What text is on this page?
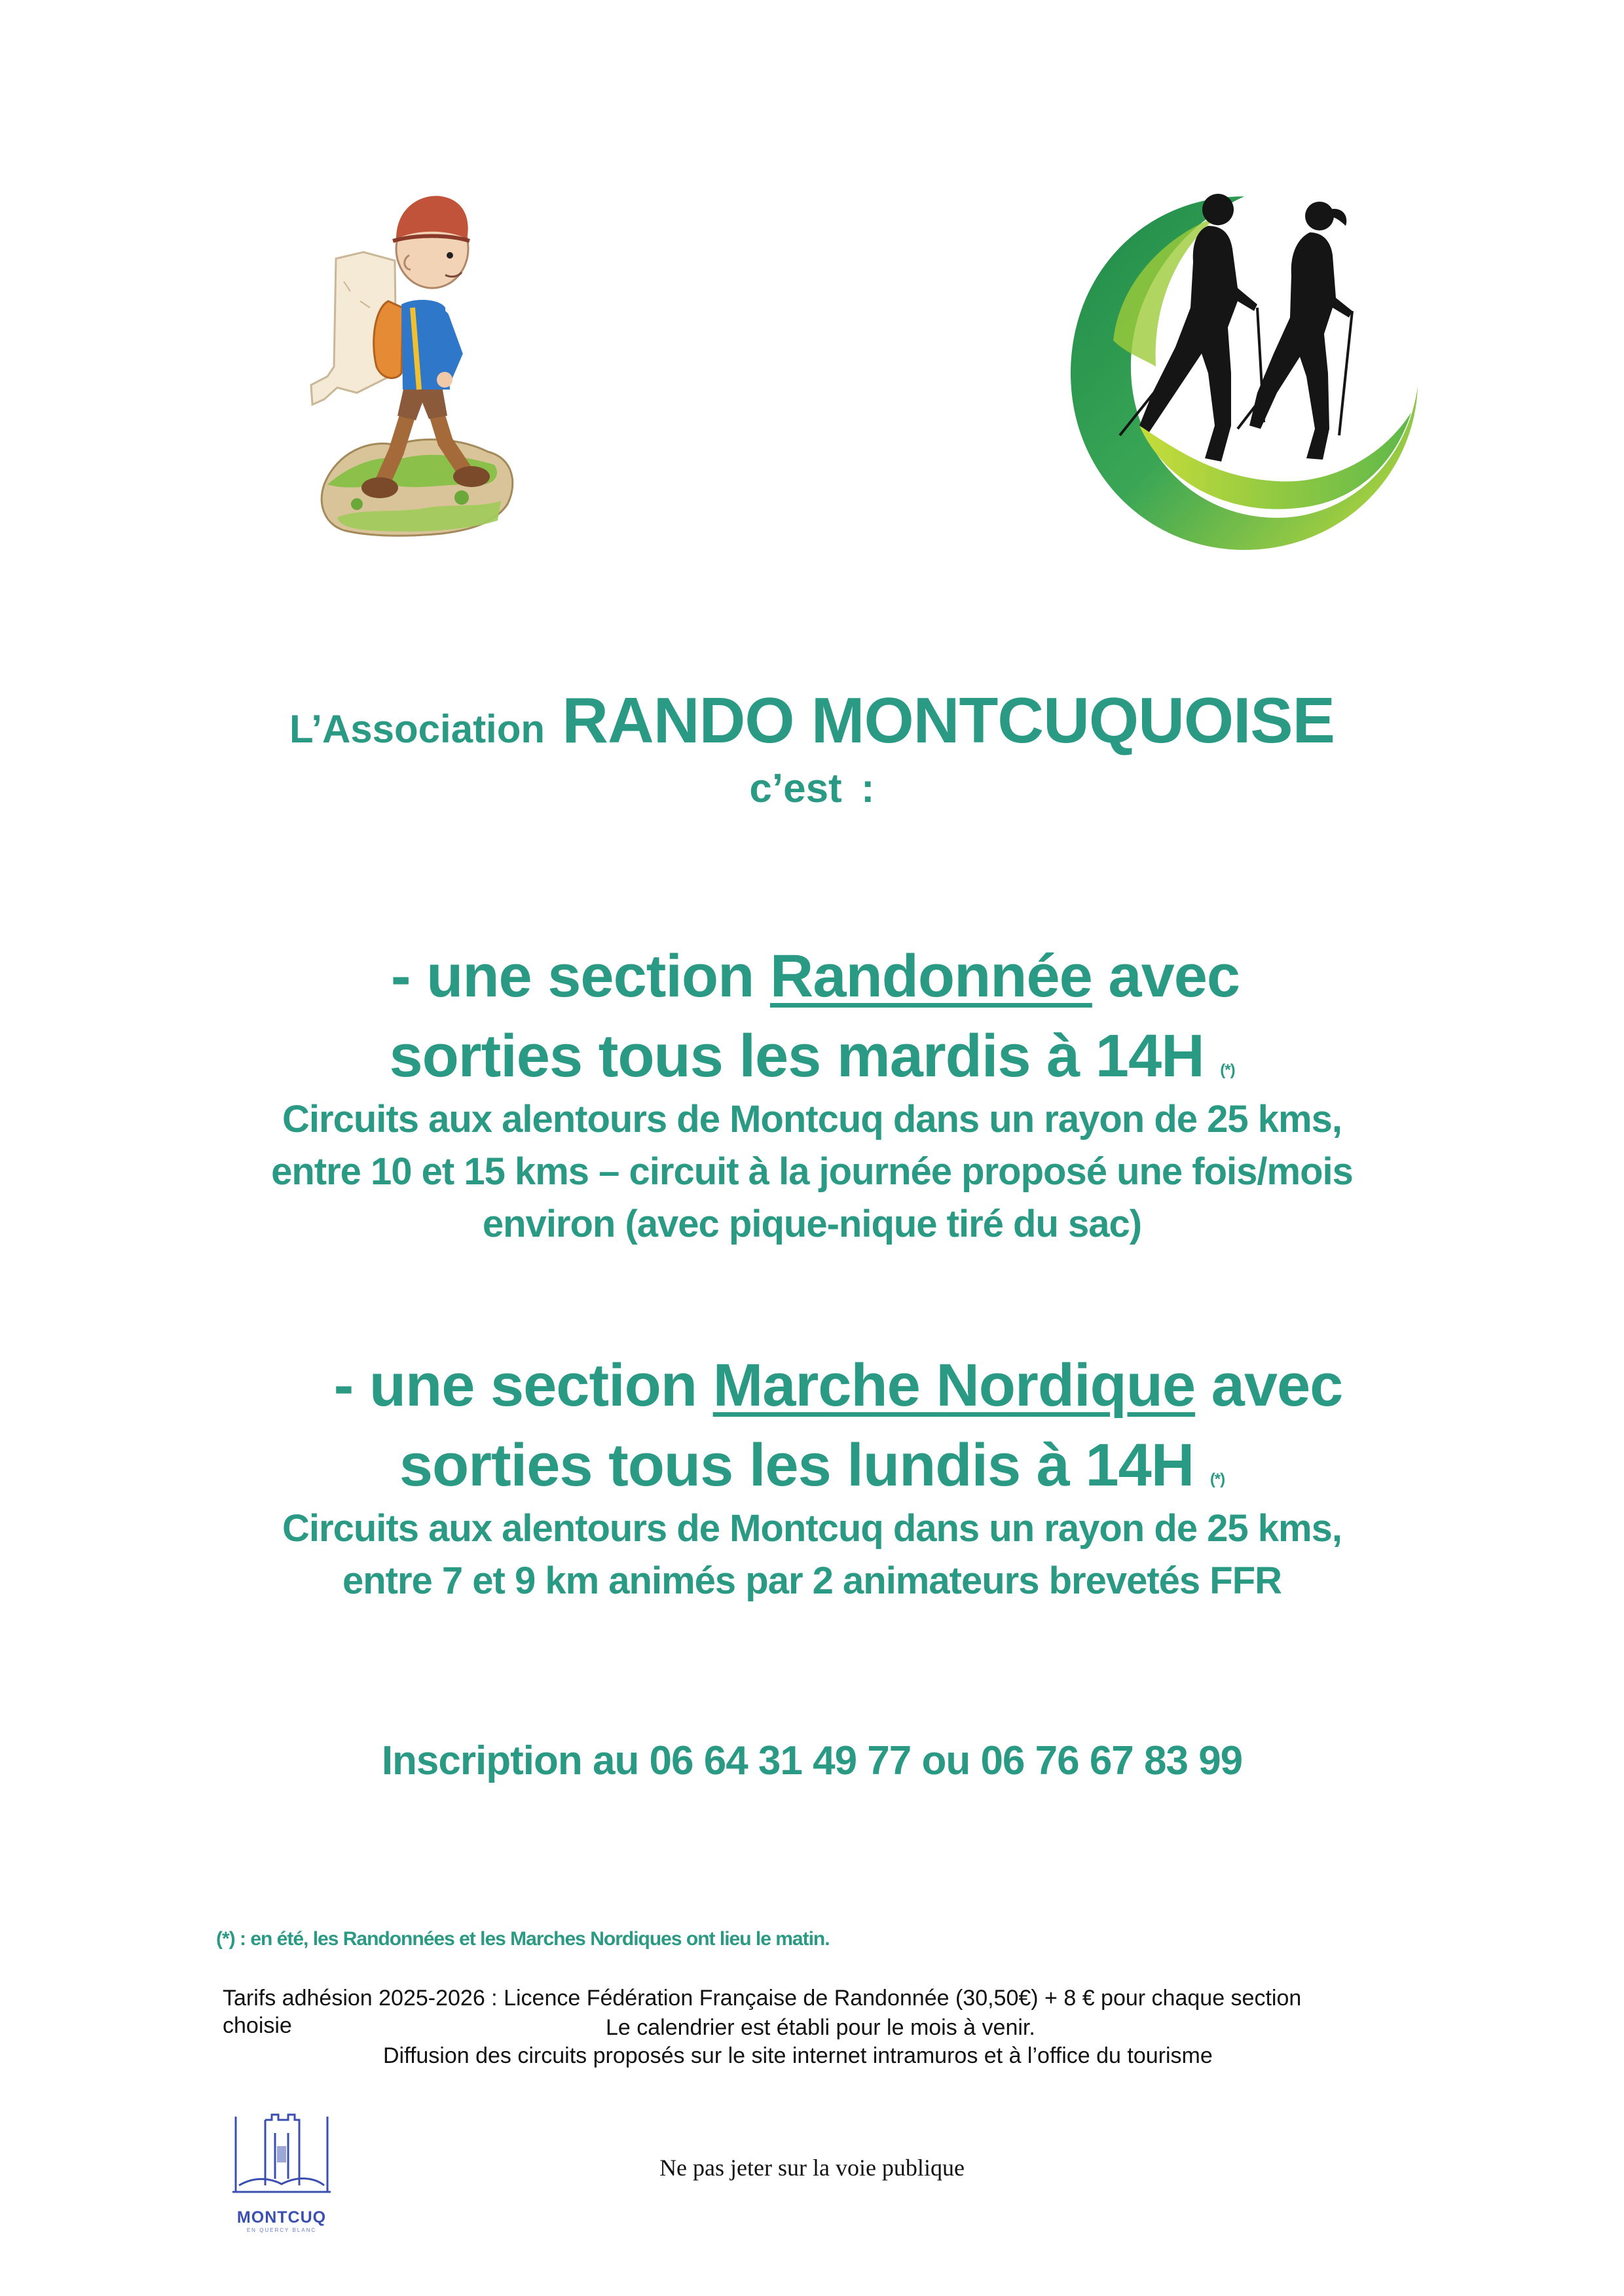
L’Association RANDO MONTCUQUOISE
c’est :
- une section Randonnée avec
sorties tous les mardis à 14H (*)
Circuits aux alentours de Montcuq dans un rayon de 25 kms,
entre 10 et 15 kms – circuit à la journée proposé une fois/mois
environ (avec pique-nique tiré du sac)
- une section Marche Nordique avec
sorties tous les lundis à 14H (*)
Circuits aux alentours de Montcuq dans un rayon de 25 kms,
entre 7 et 9 km animés par 2 animateurs brevetés FFR
Inscription au 06 64 31 49 77 ou 06 76 67 83 99
(*) : en été, les Randonnées et les Marches Nordiques ont lieu le matin.
Tarifs adhésion 2025-2026 : Licence Fédération Française de Randonnée (30,50€) + 8 € pour chaque section
choisie	Le calendrier est établi pour le mois à venir.
Diffusion des circuits proposés sur le site internet intramuros et à l’office du tourisme
Ne pas jeter sur la voie publique
MONTCUQ
EN QUERCY BLANC
